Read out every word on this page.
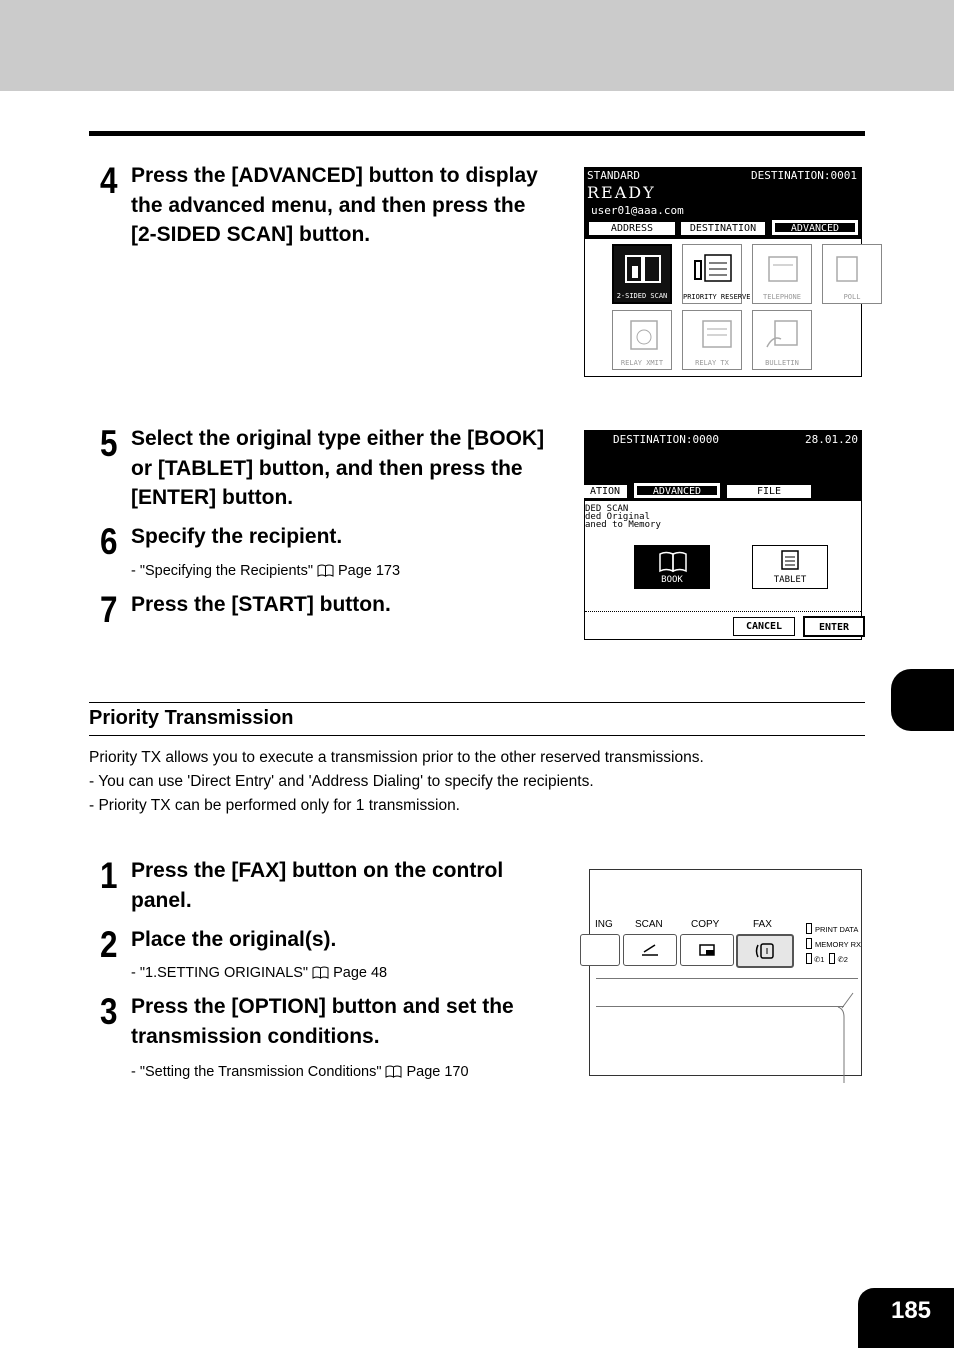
4 Press the [ADVANCED] button to display
the advanced menu, and then press the
[2-SIDED SCAN] button.
STANDARD	DESTINATION:0001
READY
user01@aaa.com
ADDRESS	DESTINATION	ADVANCED
2-SIDED SCAN	PRIORITY RESERVE	TELEPHONE	POLL
RELAY XMIT	RELAY TX	BULLETIN
5 Select the original type either the [BOOK]
or [TABLET] button, and then press the
[ENTER] button.
6 Specify the recipient.
- "Specifying the Recipients" Page 173
7 Press the [START] button.
DESTINATION:0000	28.01.20
ATION	ADVANCED	FILE
DED SCAN
ded Original
aned to Memory
BOOK	TABLET
CANCEL	ENTER
Priority Transmission
Priority TX allows you to execute a transmission prior to the other reserved transmissions.
- You can use 'Direct Entry' and 'Address Dialing' to specify the recipients.
- Priority TX can be performed only for 1 transmission.
1 Press the [FAX] button on the control
panel.
2 Place the original(s).
- "1.SETTING ORIGINALS" Page 48
3 Press the [OPTION] button and set the
transmission conditions.
- "Setting the Transmission Conditions" Page 170
ING SCAN	COPY	FAX	PRINT DATA
MEMORY RX
✆1 ✆2
185
